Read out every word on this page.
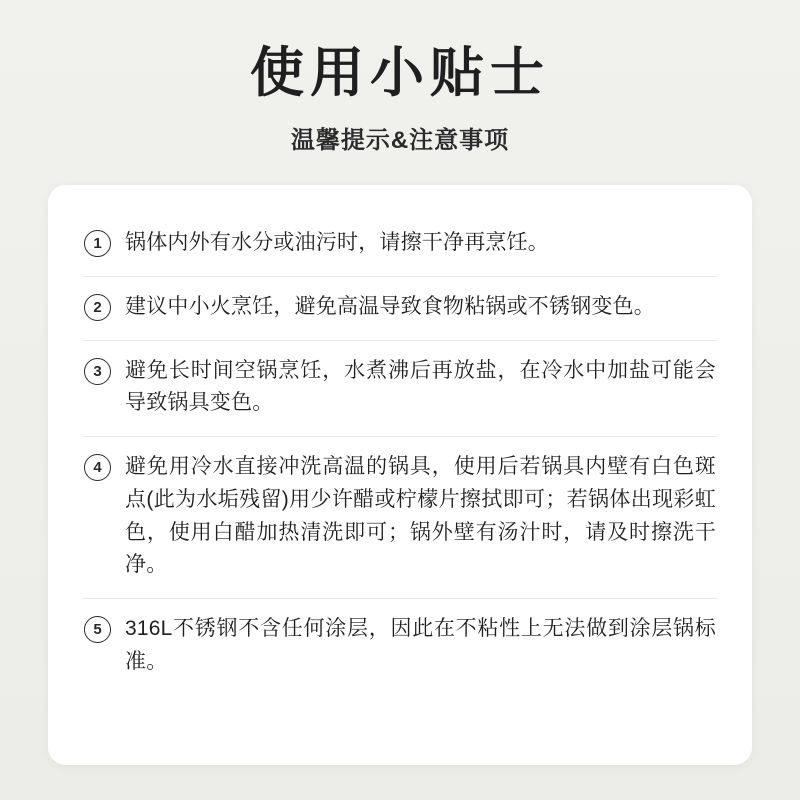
使用小贴士
温馨提示&注意事项
1	锅体内外有水分或油污时，请擦干净再烹饪。
2	建议中小火烹饪，避免高温导致食物粘锅或不锈钢变色。
3	避免长时间空锅烹饪，水煮沸后再放盐，在冷水中加盐可能会导致锅具变色。
4	避免用冷水直接冲洗高温的锅具，使用后若锅具内壁有白色斑点(此为水垢残留)用少许醋或柠檬片擦拭即可；若锅体出现彩虹色，使用白醋加热清洗即可；锅外壁有汤汁时，请及时擦洗干净。
5	316L不锈钢不含任何涂层，因此在不粘性上无法做到涂层锅标准。
